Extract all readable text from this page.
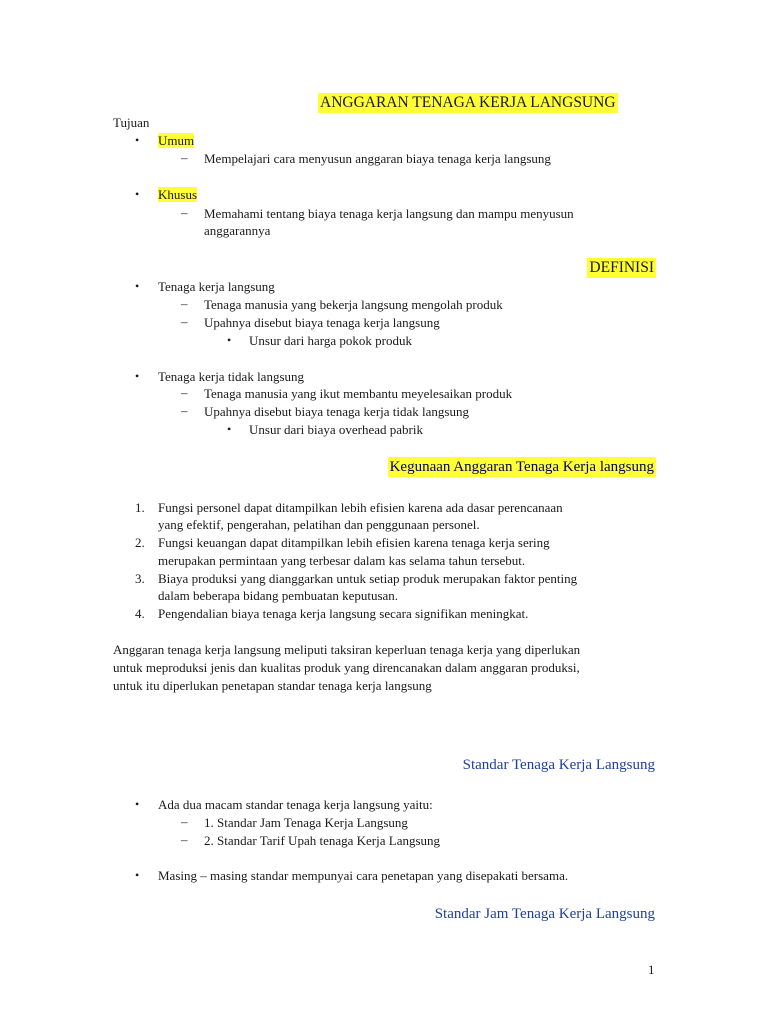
ANGGARAN TENAGA KERJA LANGSUNG
Tujuan
• Umum
– Mempelajari cara menyusun anggaran biaya tenaga kerja langsung
• Khusus
– Memahami tentang biaya tenaga kerja langsung dan mampu menyusun
anggarannya
DEFINISI
• Tenaga kerja langsung
– Tenaga manusia yang bekerja langsung mengolah produk
– Upahnya disebut biaya tenaga kerja langsung
• Unsur dari harga pokok produk
• Tenaga kerja tidak langsung
– Tenaga manusia yang ikut membantu meyelesaikan produk
– Upahnya disebut biaya tenaga kerja tidak langsung
• Unsur dari biaya overhead pabrik
Kegunaan Anggaran Tenaga Kerja langsung
1. Fungsi personel dapat ditampilkan lebih efisien karena ada dasar perencanaan
yang efektif, pengerahan, pelatihan dan penggunaan personel.
2. Fungsi keuangan dapat ditampilkan lebih efisien karena tenaga kerja sering
merupakan permintaan yang terbesar dalam kas selama tahun tersebut.
3. Biaya produksi yang dianggarkan untuk setiap produk merupakan faktor penting
dalam beberapa bidang pembuatan keputusan.
4. Pengendalian biaya tenaga kerja langsung secara signifikan meningkat.
Anggaran tenaga kerja langsung meliputi taksiran keperluan tenaga kerja yang diperlukan
untuk meproduksi jenis dan kualitas produk yang direncanakan dalam anggaran produksi,
untuk itu diperlukan penetapan standar tenaga kerja langsung
Standar Tenaga Kerja Langsung
• Ada dua macam standar tenaga kerja langsung yaitu:
– 1. Standar Jam Tenaga Kerja Langsung
– 2. Standar Tarif Upah tenaga Kerja Langsung
• Masing – masing standar mempunyai cara penetapan yang disepakati bersama.
Standar Jam Tenaga Kerja Langsung
1
